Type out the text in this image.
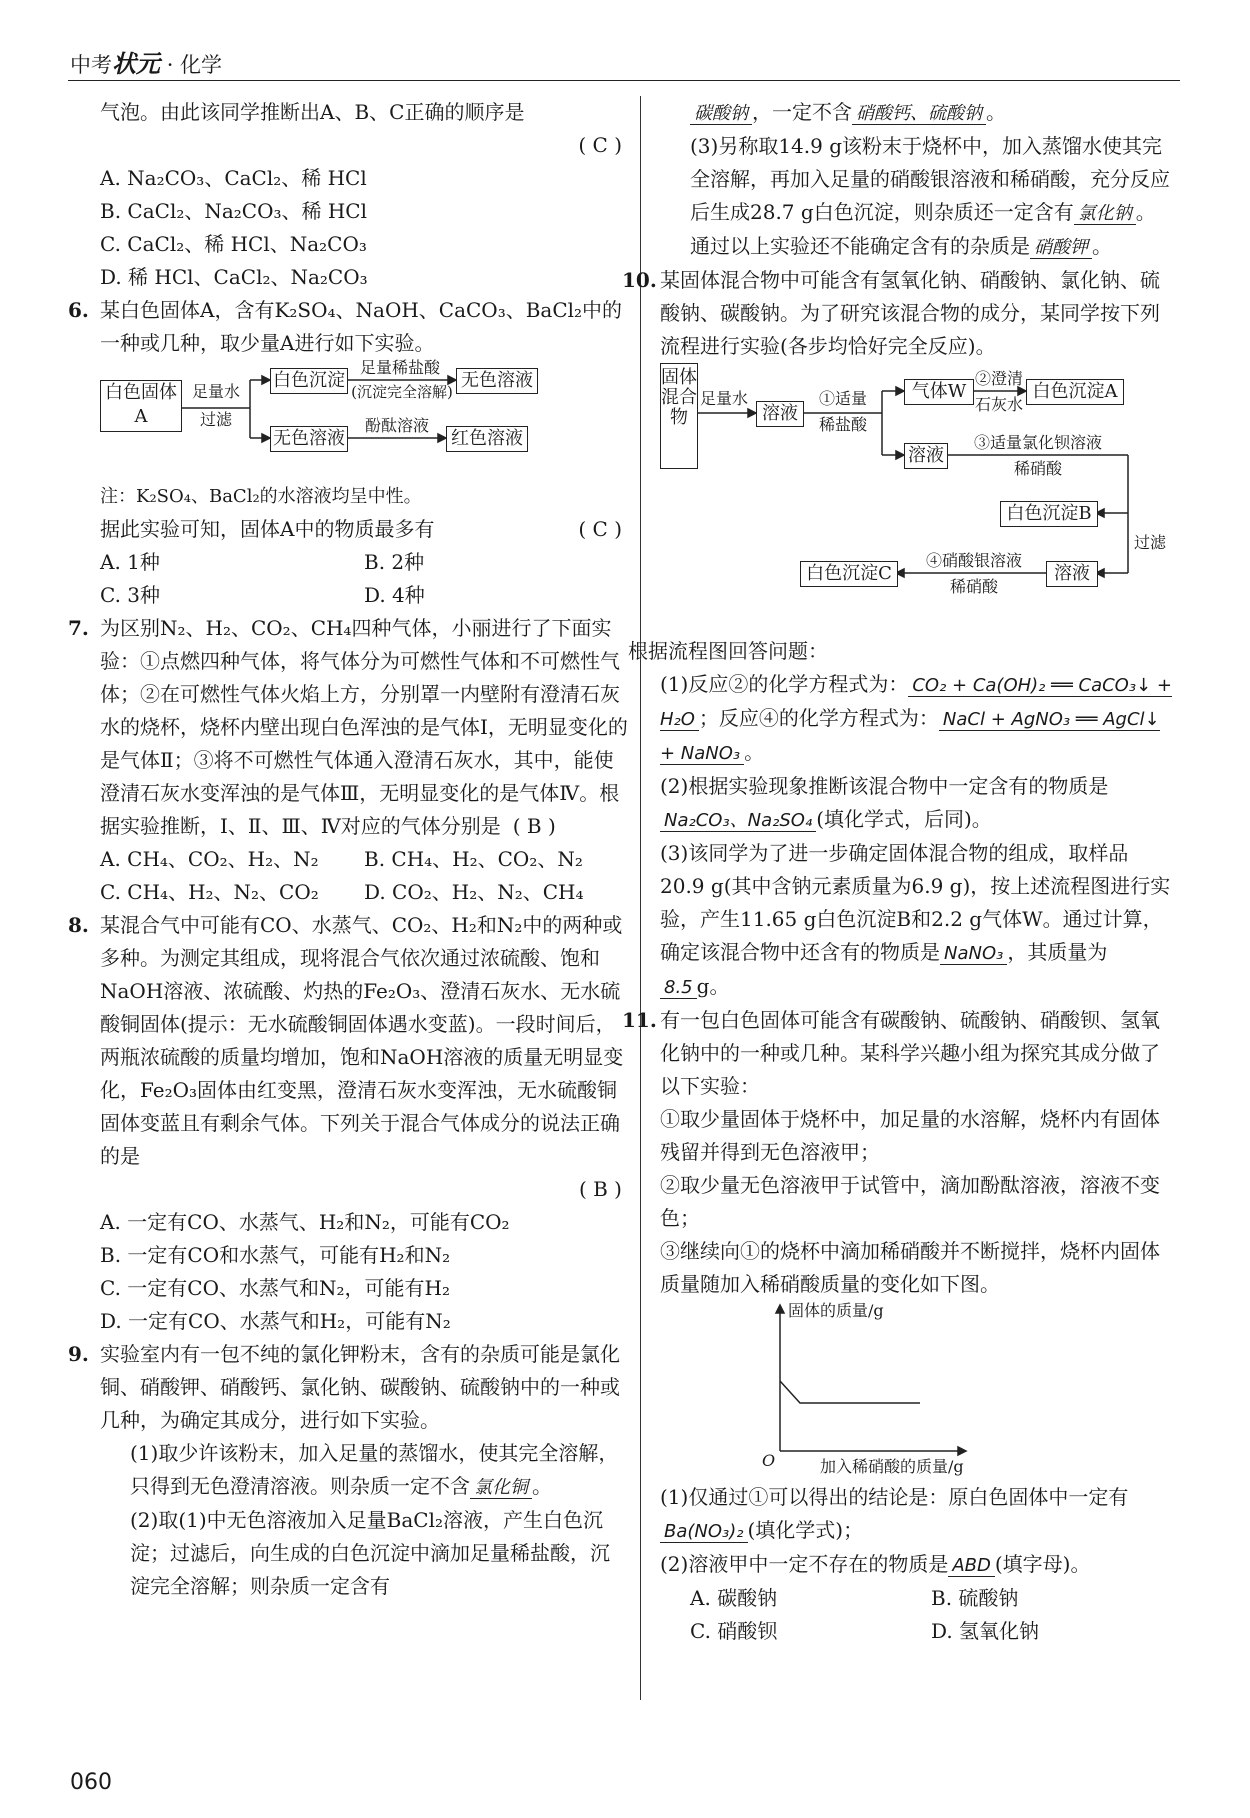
中考状元 · 化学
气泡。由此该同学推断出A、B、C正确的顺序是
( C )

A. Na₂CO₃、CaCl₂、稀 HCl
B. CaCl₂、Na₂CO₃、稀 HCl
C. CaCl₂、稀 HCl、Na₂CO₃
D. 稀 HCl、CaCl₂、Na₂CO₃
6. 某白色固体A，含有K₂SO₄、NaOH、CaCO₃、BaCl₂中的一种或几种，取少量A进行如下实验。
白色固体A
足量水
过滤
白色沉淀
足量稀盐酸
(沉淀完全溶解)
无色溶液
无色溶液
酚酞溶液
红色溶液
注：K₂SO₄、BaCl₂的水溶液均呈中性。
据此实验可知，固体A中的物质最多有	( C )
A. 1种	B. 2种
C. 3种	D. 4种
7. 为区别N₂、H₂、CO₂、CH₄四种气体，小丽进行了下面实验：①点燃四种气体，将气体分为可燃性气体和不可燃性气体；②在可燃性气体火焰上方，分别罩一内壁附有澄清石灰水的烧杯，烧杯内壁出现白色浑浊的是气体Ⅰ，无明显变化的是气体Ⅱ；③将不可燃性气体通入澄清石灰水，其中，能使澄清石灰水变浑浊的是气体Ⅲ，无明显变化的是气体Ⅳ。根据实验推断，Ⅰ、Ⅱ、Ⅲ、Ⅳ对应的气体分别是 ( B )
A. CH₄、CO₂、H₂、N₂	B. CH₄、H₂、CO₂、N₂
C. CH₄、H₂、N₂、CO₂	D. CO₂、H₂、N₂、CH₄
8. 某混合气中可能有CO、水蒸气、CO₂、H₂和N₂中的两种或多种。为测定其组成，现将混合气依次通过浓硫酸、饱和NaOH溶液、浓硫酸、灼热的Fe₂O₃、澄清石灰水、无水硫酸铜固体(提示：无水硫酸铜固体遇水变蓝)。一段时间后，两瓶浓硫酸的质量均增加，饱和NaOH溶液的质量无明显变化，Fe₂O₃固体由红变黑，澄清石灰水变浑浊，无水硫酸铜固体变蓝且有剩余气体。下列关于混合气体成分的说法正确的是
( B )

A. 一定有CO、水蒸气、H₂和N₂，可能有CO₂
B. 一定有CO和水蒸气，可能有H₂和N₂
C. 一定有CO、水蒸气和N₂，可能有H₂
D. 一定有CO、水蒸气和H₂，可能有N₂
9. 实验室内有一包不纯的氯化钾粉末，含有的杂质可能是氯化铜、硝酸钾、硝酸钙、氯化钠、碳酸钠、硫酸钠中的一种或几种，为确定其成分，进行如下实验。
(1)取少许该粉末，加入足量的蒸馏水，使其完全溶解，只得到无色澄清溶液。则杂质一定不含 氯化铜 。
(2)取(1)中无色溶液加入足量BaCl₂溶液，产生白色沉淀；过滤后，向生成的白色沉淀中滴加足量稀盐酸，沉淀完全溶解；则杂质一定含有
碳酸钠 ，一定不含 硝酸钙、硫酸钠 。
(3)另称取14.9 g该粉末于烧杯中，加入蒸馏水使其完全溶解，再加入足量的硝酸银溶液和稀硝酸，充分反应后生成28.7 g白色沉淀，则杂质还一定含有 氯化钠 。通过以上实验还不能确定含有的杂质是 硝酸钾 。
10. 某固体混合物中可能含有氢氧化钠、硝酸钠、氯化钠、硫酸钠、碳酸钠。为了研究该混合物的成分，某同学按下列流程进行实验(各步均恰好完全反应)。
固体混合物
足量水
溶液
①适量
稀盐酸
气体W
②澄清
石灰水
白色沉淀A
溶液
③适量氯化钡溶液
稀硝酸
白色沉淀B
过滤
溶液
④硝酸银溶液
稀硝酸
白色沉淀C
根据流程图回答问题：
(1)反应②的化学方程式为： CO₂ + Ca(OH)₂ ══ CaCO₃↓ + H₂O ；反应④的化学方程式为： NaCl + AgNO₃ ══ AgCl↓ + NaNO₃ 。
(2)根据实验现象推断该混合物中一定含有的物质是Na₂CO₃、Na₂SO₄ (填化学式，后同)。
(3)该同学为了进一步确定固体混合物的组成，取样品20.9 g(其中含钠元素质量为6.9 g)，按上述流程图进行实验，产生11.65 g白色沉淀B和2.2 g气体W。通过计算，确定该混合物中还含有的物质是 NaNO₃ ，其质量为8.5 g。
11. 有一包白色固体可能含有碳酸钠、硫酸钠、硝酸钡、氢氧化钠中的一种或几种。某科学兴趣小组为探究其成分做了以下实验：
①取少量固体于烧杯中，加足量的水溶解，烧杯内有固体残留并得到无色溶液甲；
②取少量无色溶液甲于试管中，滴加酚酞溶液，溶液不变色；
③继续向①的烧杯中滴加稀硝酸并不断搅拌，烧杯内固体质量随加入稀硝酸质量的变化如下图。
固体的质量/g
O	加入稀硝酸的质量/g
(1)仅通过①可以得出的结论是：原白色固体中一定有Ba(NO₃)₂ (填化学式)；
(2)溶液甲中一定不存在的物质是 ABD (填字母)。
A. 碳酸钠	B. 硫酸钠
C. 硝酸钡	D. 氢氧化钠
060
